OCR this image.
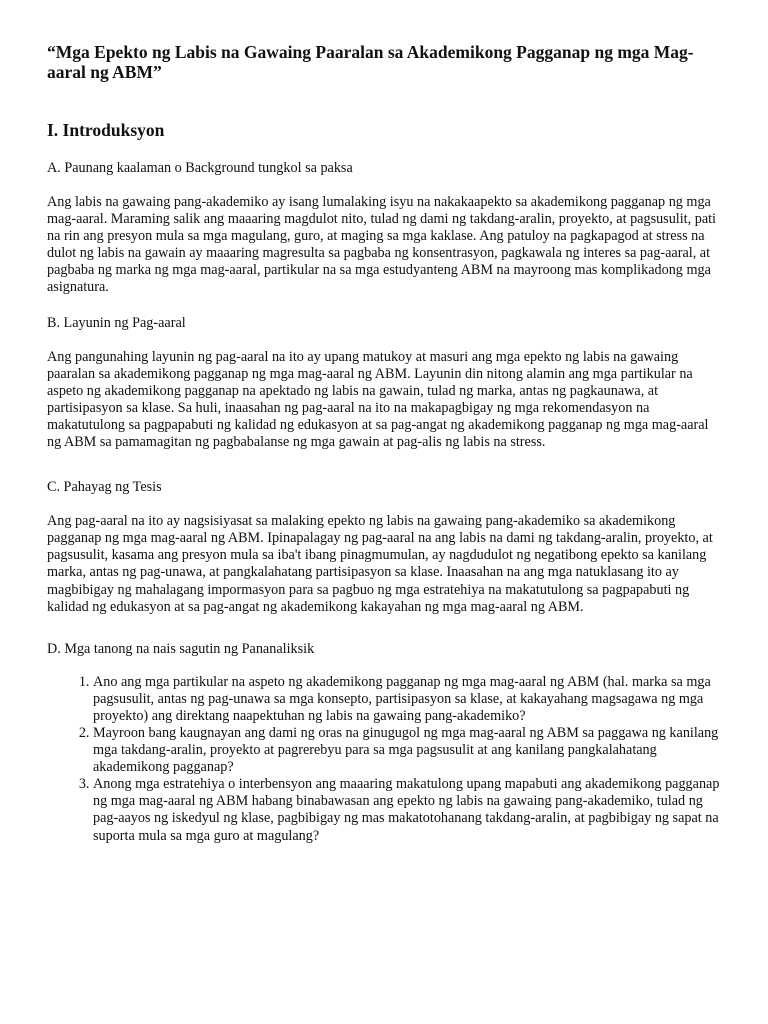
“Mga Epekto ng Labis na Gawaing Paaralan sa Akademikong Pagganap ng mga Mag-aaral ng ABM”
I. Introduksyon

A. Paunang kaalaman o Background tungkol sa paksa

Ang labis na gawaing pang-akademiko ay isang lumalaking isyu na nakakaapekto sa akademikong pagganap ng mga mag-aaral. Maraming salik ang maaaring magdulot nito, tulad ng dami ng takdang-aralin, proyekto, at pagsusulit, pati na rin ang presyon mula sa mga magulang, guro, at maging sa mga kaklase. Ang patuloy na pagkapagod at stress na dulot ng labis na gawain ay maaaring magresulta sa pagbaba ng konsentrasyon, pagkawala ng interes sa pag-aaral, at pagbaba ng marka ng mga mag-aaral, partikular na sa mga estudyanteng ABM na mayroong mas komplikadong mga asignatura.

B. Layunin ng Pag-aaral

Ang pangunahing layunin ng pag-aaral na ito ay upang matukoy at masuri ang mga epekto ng labis na gawaing paaralan sa akademikong pagganap ng mga mag-aaral ng ABM. Layunin din nitong alamin ang mga partikular na aspeto ng akademikong pagganap na apektado ng labis na gawain, tulad ng marka, antas ng pagkaunawa, at partisipasyon sa klase. Sa huli, inaasahan ng pag-aaral na ito na makapagbigay ng mga rekomendasyon na makatutulong sa pagpapabuti ng kalidad ng edukasyon at sa pag-angat ng akademikong pagganap ng mga mag-aaral ng ABM sa pamamagitan ng pagbabalanse ng mga gawain at pag-alis ng labis na stress.

C. Pahayag ng Tesis

Ang pag-aaral na ito ay nagsisiyasat sa malaking epekto ng labis na gawaing pang-akademiko sa akademikong pagganap ng mga mag-aaral ng ABM. Ipinapalagay ng pag-aaral na ang labis na dami ng takdang-aralin, proyekto, at pagsusulit, kasama ang presyon mula sa iba't ibang pinagmumulan, ay nagdudulot ng negatibong epekto sa kanilang marka, antas ng pag-unawa, at pangkalahatang partisipasyon sa klase. Inaasahan na ang mga natuklasang ito ay magbibigay ng mahalagang impormasyon para sa pagbuo ng mga estratehiya na makatutulong sa pagpapabuti ng kalidad ng edukasyon at sa pag-angat ng akademikong kakayahan ng mga mag-aaral ng ABM.

D. Mga tanong na nais sagutin ng Pananaliksik

1. Ano ang mga partikular na aspeto ng akademikong pagganap ng mga mag-aaral ng ABM (hal. marka sa mga pagsusulit, antas ng pag-unawa sa mga konsepto, partisipasyon sa klase, at kakayahang magsagawa ng mga proyekto) ang direktang naapektuhan ng labis na gawaing pang-akademiko?
2. Mayroon bang kaugnayan ang dami ng oras na ginugugol ng mga mag-aaral ng ABM sa paggawa ng kanilang mga takdang-aralin, proyekto at pagrerebyu para sa mga pagsusulit at ang kanilang pangkalahatang akademikong pagganap?
3. Anong mga estratehiya o interbensyon ang maaaring makatulong upang mapabuti ang akademikong pagganap ng mga mag-aaral ng ABM habang binabawasan ang epekto ng labis na gawaing pang-akademiko, tulad ng pag-aayos ng iskedyul ng klase, pagbibigay ng mas makatotohanang takdang-aralin, at pagbibigay ng sapat na suporta mula sa mga guro at magulang?
